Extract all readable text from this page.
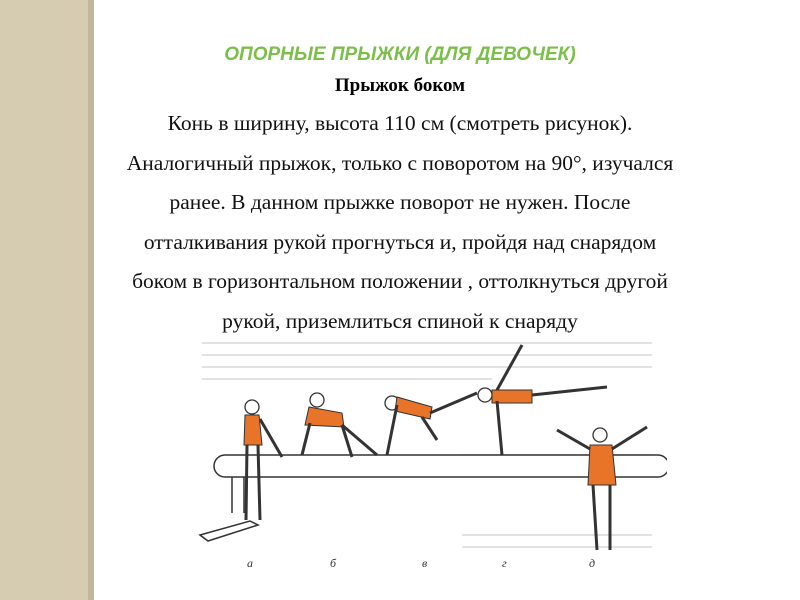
ОПОРНЫЕ ПРЫЖКИ (ДЛЯ ДЕВОЧЕК)
Прыжок боком
Конь в ширину, высота 110 см (смотреть рисунок).
Аналогичный прыжок, только с поворотом на 90°, изучался
ранее. В данном прыжке поворот не нужен. После
отталкивания рукой прогнуться и, пройдя над снарядом
боком в горизонтальном положении , оттолкнуться другой
рукой, приземлиться спиной к снаряду
а	б	в	г	д
